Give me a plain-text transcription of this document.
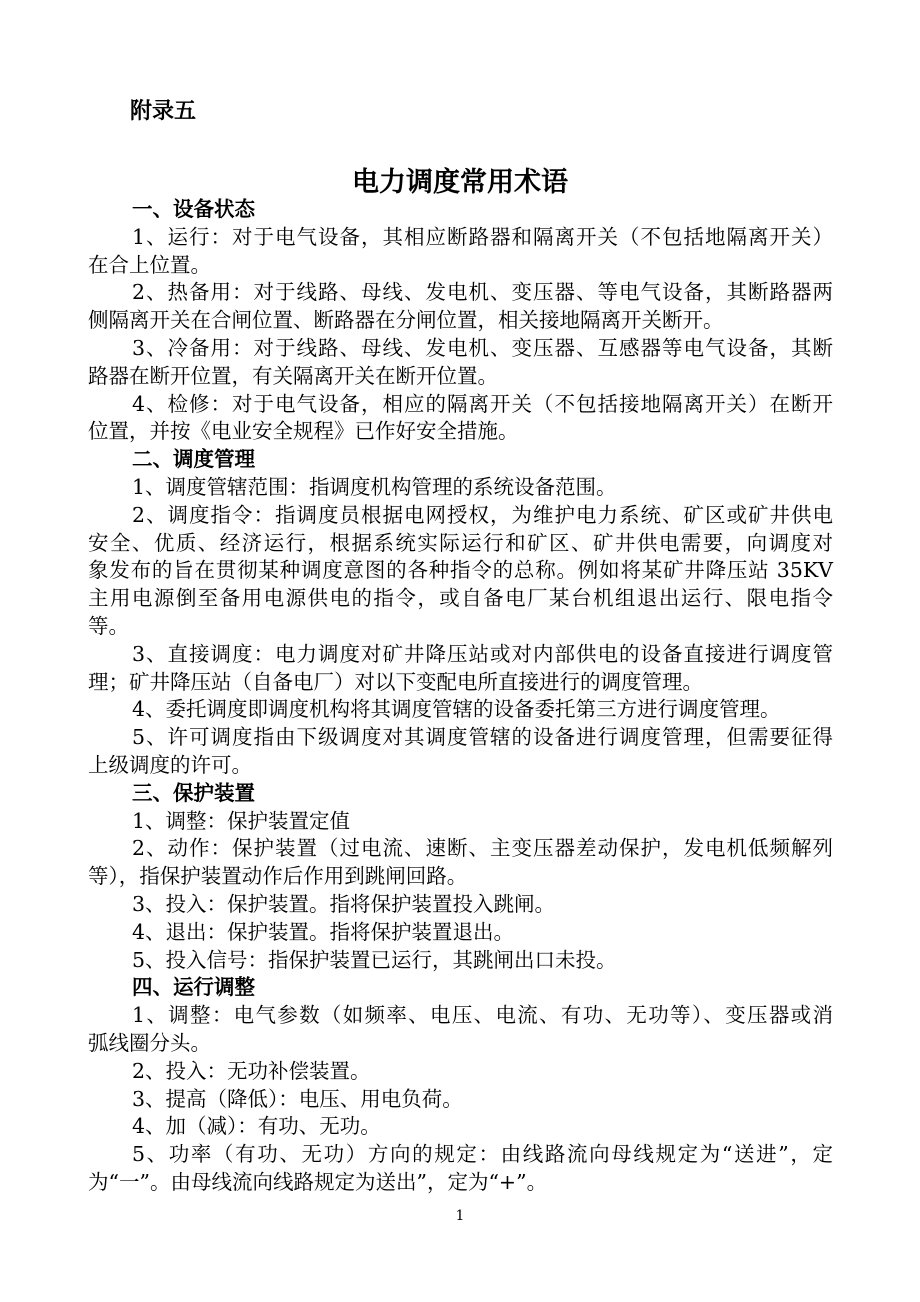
附录五
电力调度常用术语
一、设备状态
1、运行：对于电气设备，其相应断路器和隔离开关（不包括地隔离开关）
在合上位置。
2、热备用：对于线路、母线、发电机、变压器、等电气设备，其断路器两
侧隔离开关在合闸位置、断路器在分闸位置，相关接地隔离开关断开。
3、冷备用：对于线路、母线、发电机、变压器、互感器等电气设备，其断
路器在断开位置，有关隔离开关在断开位置。
4、检修：对于电气设备，相应的隔离开关（不包括接地隔离开关）在断开
位置，并按《电业安全规程》已作好安全措施。
二、调度管理
1、调度管辖范围：指调度机构管理的系统设备范围。
2、调度指令：指调度员根据电网授权，为维护电力系统、矿区或矿井供电
安全、优质、经济运行，根据系统实际运行和矿区、矿井供电需要，向调度对
象发布的旨在贯彻某种调度意图的各种指令的总称。例如将某矿井降压站 35KV
主用电源倒至备用电源供电的指令，或自备电厂某台机组退出运行、限电指令
等。
3、直接调度：电力调度对矿井降压站或对内部供电的设备直接进行调度管
理；矿井降压站（自备电厂）对以下变配电所直接进行的调度管理。
4、委托调度即调度机构将其调度管辖的设备委托第三方进行调度管理。
5、许可调度指由下级调度对其调度管辖的设备进行调度管理，但需要征得
上级调度的许可。
三、保护装置
1、调整：保护装置定值
2、动作：保护装置（过电流、速断、主变压器差动保护，发电机低频解列
等），指保护装置动作后作用到跳闸回路。
3、投入：保护装置。指将保护装置投入跳闸。
4、退出：保护装置。指将保护装置退出。
5、投入信号：指保护装置已运行，其跳闸出口未投。
四、运行调整
1、调整：电气参数（如频率、电压、电流、有功、无功等）、变压器或消
弧线圈分头。
2、投入：无功补偿装置。
3、提高（降低）：电压、用电负荷。
4、加（减）：有功、无功。
5、功率（有功、无功）方向的规定：由线路流向母线规定为“送进”，定
为“一”。由母线流向线路规定为送出”，定为“+”。
1
